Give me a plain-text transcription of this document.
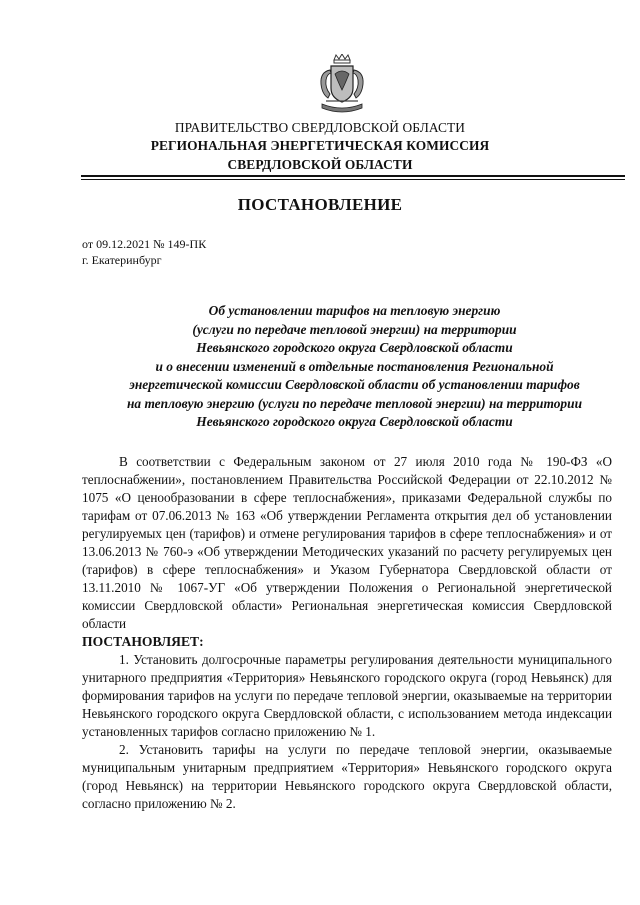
ПРАВИТЕЛЬСТВО СВЕРДЛОВСКОЙ ОБЛАСТИ
РЕГИОНАЛЬНАЯ ЭНЕРГЕТИЧЕСКАЯ КОМИССИЯ
СВЕРДЛОВСКОЙ ОБЛАСТИ
ПОСТАНОВЛЕНИЕ
от 09.12.2021 № 149-ПК
г. Екатеринбург
Об установлении тарифов на тепловую энергию
(услуги по передаче тепловой энергии) на территории
Невьянского городского округа Свердловской области
и о внесении изменений в отдельные постановления Региональной
энергетической комиссии Свердловской области об установлении тарифов
на тепловую энергию (услуги по передаче тепловой энергии) на территории
Невьянского городского округа Свердловской области

В соответствии с Федеральным законом от 27 июля 2010 года № 190-ФЗ «О теплоснабжении», постановлением Правительства Российской Федерации от 22.10.2012 № 1075 «О ценообразовании в сфере теплоснабжения», приказами Федеральной службы по тарифам от 07.06.2013 № 163 «Об утверждении Регламента открытия дел об установлении регулируемых цен (тарифов) и отмене регулирования тарифов в сфере теплоснабжения» и от 13.06.2013 № 760-э «Об утверждении Методических указаний по расчету регулируемых цен (тарифов) в сфере теплоснабжения» и Указом Губернатора Свердловской области от 13.11.2010 № 1067-УГ «Об утверждении Положения о Региональной энергетической комиссии Свердловской области» Региональная энергетическая комиссия Свердловской области

ПОСТАНОВЛЯЕТ:

1. Установить долгосрочные параметры регулирования деятельности муниципального унитарного предприятия «Территория» Невьянского городского округа (город Невьянск) для формирования тарифов на услуги по передаче тепловой энергии, оказываемые на территории Невьянского городского округа Свердловской области, с использованием метода индексации установленных тарифов согласно приложению № 1.

2. Установить тарифы на услуги по передаче тепловой энергии, оказываемые муниципальным унитарным предприятием «Территория» Невьянского городского округа (город Невьянск) на территории Невьянского городского округа Свердловской области, согласно приложению № 2.
